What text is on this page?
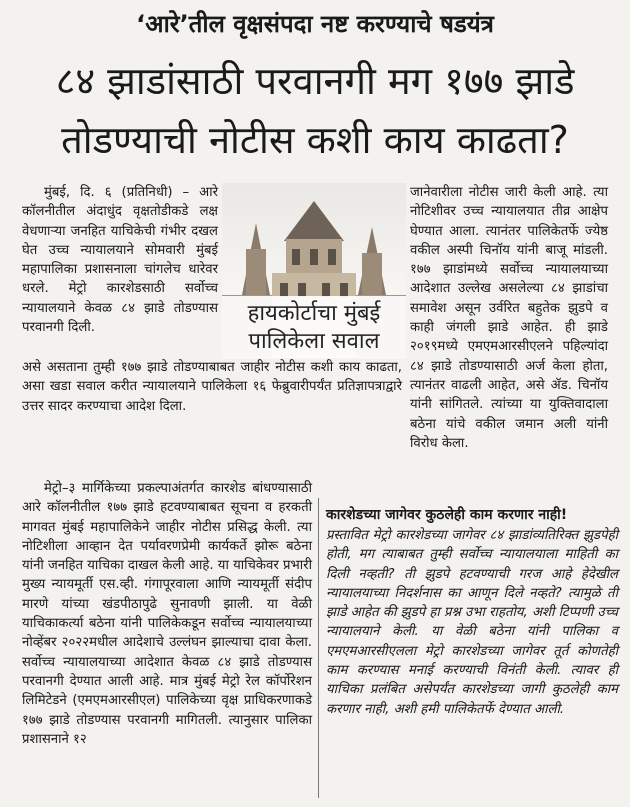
‘आरे’तील वृक्षसंपदा नष्ट करण्याचे षडयंत्र
८४ झाडांसाठी परवानगी मग १७७ झाडे
तोडण्याची नोटीस कशी काय काढता?
हायकोर्टाचा मुंबई
पालिकेला सवाल

मुंबई, दि. ६ (प्रतिनिधी) – आरे कॉलनीतील अंदाधुंद वृक्षतोडीकडे लक्ष वेधणाऱ्या जनहित याचिकेची गंभीर दखल घेत उच्च न्यायालयाने सोमवारी मुंबई महापालिका प्रशासनाला चांगलेच धारेवर धरले. मेट्रो कारशेडसाठी सर्वोच्च न्यायालयाने केवळ ८४ झाडे तोडण्यास परवानगी दिली.

असे असताना तुम्ही १७७ झाडे तोडण्याबाबत जाहीर नोटीस कशी काय काढता, असा खडा सवाल करीत न्यायालयाने पालिकेला १६ फेब्रुवारीपर्यंत प्रतिज्ञापत्राद्वारे उत्तर सादर करण्याचा आदेश दिला.

मेट्रो–३ मार्गिकेच्या प्रकल्पाअंतर्गत कारशेड बांधण्यासाठी आरे कॉलनीतील १७७ झाडे हटवण्याबाबत सूचना व हरकती मागवत मुंबई महापालिकेने जाहीर नोटीस प्रसिद्ध केली. त्या नोटिशीला आव्हान देत पर्यावरणप्रेमी कार्यकर्ते झोरू बठेना यांनी जनहित याचिका दाखल केली आहे. या याचिकेवर प्रभारी मुख्य न्यायमूर्ती एस.व्ही. गंगापूरवाला आणि न्यायमूर्ती संदीप मारणे यांच्या खंडपीठापुढे सुनावणी झाली. या वेळी याचिकाकर्त्या बठेना यांनी पालिकेकडून सर्वोच्च न्यायालयाच्या नोव्हेंबर २०२२मधील आदेशाचे उल्लंघन झाल्याचा दावा केला. सर्वोच्च न्यायालयाच्या आदेशात केवळ ८४ झाडे तोडण्यास परवानगी देण्यात आली आहे. मात्र मुंबई मेट्रो रेल कॉर्पोरेशन लिमिटेडने (एमएमआरसीएल) पालिकेच्या वृक्ष प्राधिकरणाकडे १७७ झाडे तोडण्यास परवानगी मागितली. त्यानुसार पालिका प्रशासनाने १२

जानेवारीला नोटीस जारी केली आहे. त्या नोटिशीवर उच्च न्यायालयात तीव्र आक्षेप घेण्यात आला. त्यानंतर पालिकेतर्फे ज्येष्ठ वकील अस्पी चिनॉय यांनी बाजू मांडली. १७७ झाडांमध्ये सर्वोच्च न्यायालयाच्या आदेशात उल्लेख असलेल्या ८४ झाडांचा समावेश असून उर्वरित बहुतेक झुडपे व काही जंगली झाडे आहेत. ही झाडे २०१९मध्ये एमएमआरसीएलने पहिल्यांदा ८४ झाडे तोडण्यासाठी अर्ज केला होता, त्यानंतर वाढली आहेत, असे ॲड. चिनॉय यांनी सांगितले. त्यांच्या या युक्तिवादाला बठेना यांचे वकील जमान अली यांनी विरोध केला.

कारशेडच्या जागेवर कुठलेही काम करणार नाही!

प्रस्तावित मेट्रो कारशेडच्या जागेवर ८४ झाडांव्यतिरिक्त झुडपेही होती, मग त्याबाबत तुम्ही सर्वोच्च न्यायालयाला माहिती का दिली नव्हती? ती झुडपे हटवण्याची गरज आहे हेदेखील न्यायालयाच्या निदर्शनास का आणून दिले नव्हते? त्यामुळे ती झाडे आहेत की झुडपे हा प्रश्न उभा राहतोय, अशी टिप्पणी उच्च न्यायालयाने केली. या वेळी बठेना यांनी पालिका व एमएमआरसीएलला मेट्रो कारशेडच्या जागेवर तूर्त कोणतेही काम करण्यास मनाई करण्याची विनंती केली. त्यावर ही याचिका प्रलंबित असेपर्यंत कारशेडच्या जागी कुठलेही काम करणार नाही, अशी हमी पालिकेतर्फे देण्यात आली.
